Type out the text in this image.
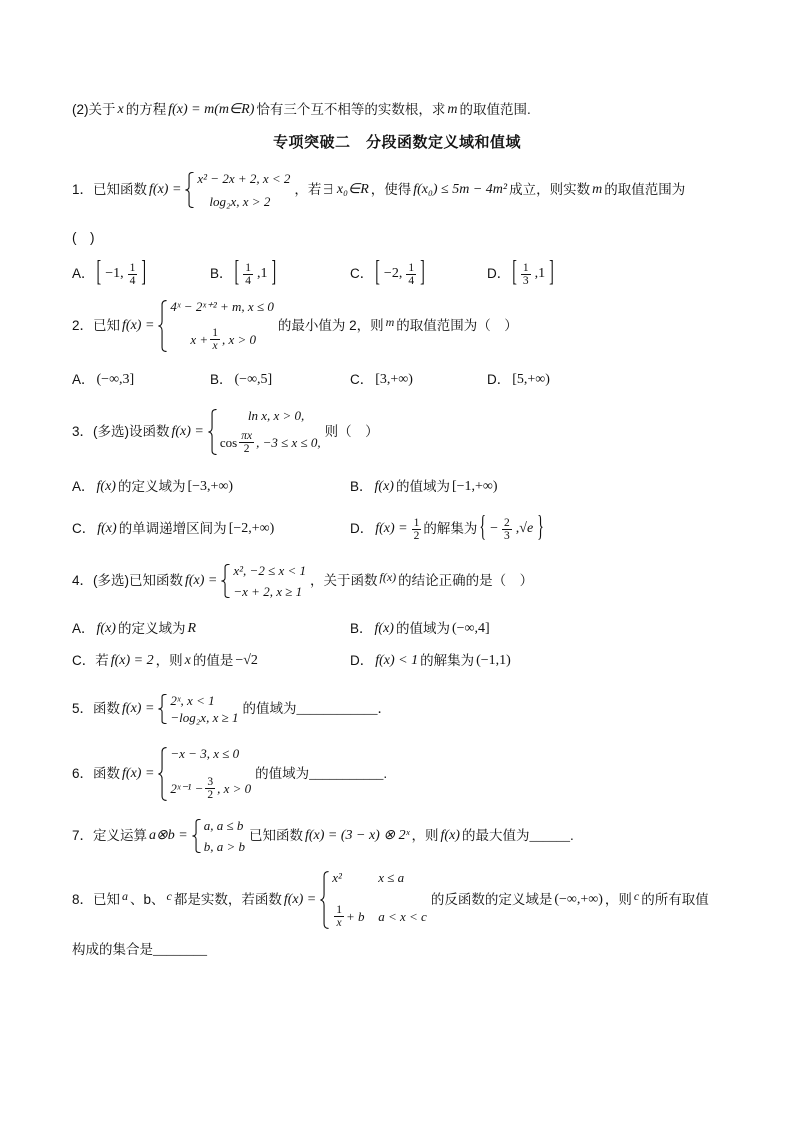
(2)关于 x 的方程 f(x) = m(m∈R) 恰有三个互不相等的实数根，求 m 的取值范围.
专项突破二　分段函数定义域和值域
1．已知函数 f(x) =
x² − 2x + 2, x < 2
log₂x, x > 2
，若∃ x₀∈R ，使得 f(x₀) ≤ 5m − 4m² 成立，则实数 m 的取值范围为
(　)
A． [ −1, $\frac{1}{4}$ ]	B． [ $\frac{1}{4} ,1$ ]	C． [ −2, $\frac{1}{4}$ ]	D． [ $\frac{1}{3} ,1$ ]
2．已知 f(x) =
4ˣ − 2ˣ⁺² + m, x ≤ 0
$x + \frac{1}{x}$ , x > 0
的最小值为 2，则 m 的取值范围为（　）
A． (−∞,3]	B． (−∞,5]	C． [3,+∞)	D． [5,+∞)
3．(多选)设函数 f(x) =
ln x, x > 0,
$\cos \frac{\pi x}{2}$ , −3 ≤ x ≤ 0,
则（　）
A． f(x) 的定义域为 [−3,+∞)	B． f(x) 的值域为 [−1,+∞)
C． f(x) 的单调递增区间为 [−2,+∞)	D． $f(x) = \frac{1}{2}$ 的解集为 { − $\frac{2}{3} ,√e$ }
4．(多选)已知函数 f(x) =
x², −2 ≤ x < 1
−x + 2, x ≥ 1
，关于函数 f(x) 的结论正确的是（　）
A． f(x) 的定义域为 R	B． f(x) 的值域为 (−∞,4]
C．若 f(x) = 2 ，则 x 的值是 −√2	D． f(x) < 1 的解集为 (−1,1)
5．函数 f(x) =
2ˣ, x < 1
−log₂x, x ≥ 1
的值域为 ____________ ．
6．函数 f(x) =
−x − 3, x ≤ 0
2ˣ⁻¹ − $\frac{3}{2}$ , x > 0
的值域为 ___________ .
7．定义运算 a⊗b =
a, a ≤ b
b, a > b
已知函数 f(x) = (3 − x) ⊗ 2ˣ ，则 f(x) 的最大值为 ______ .
8．已知 a 、b、 c 都是实数，若函数 f(x) =
x²	x ≤ a
$\frac{1}{x} + b$	a < x < c
的反函数的定义域是 (−∞,+∞) ，则 c 的所有取值
构成的集合是 ________
